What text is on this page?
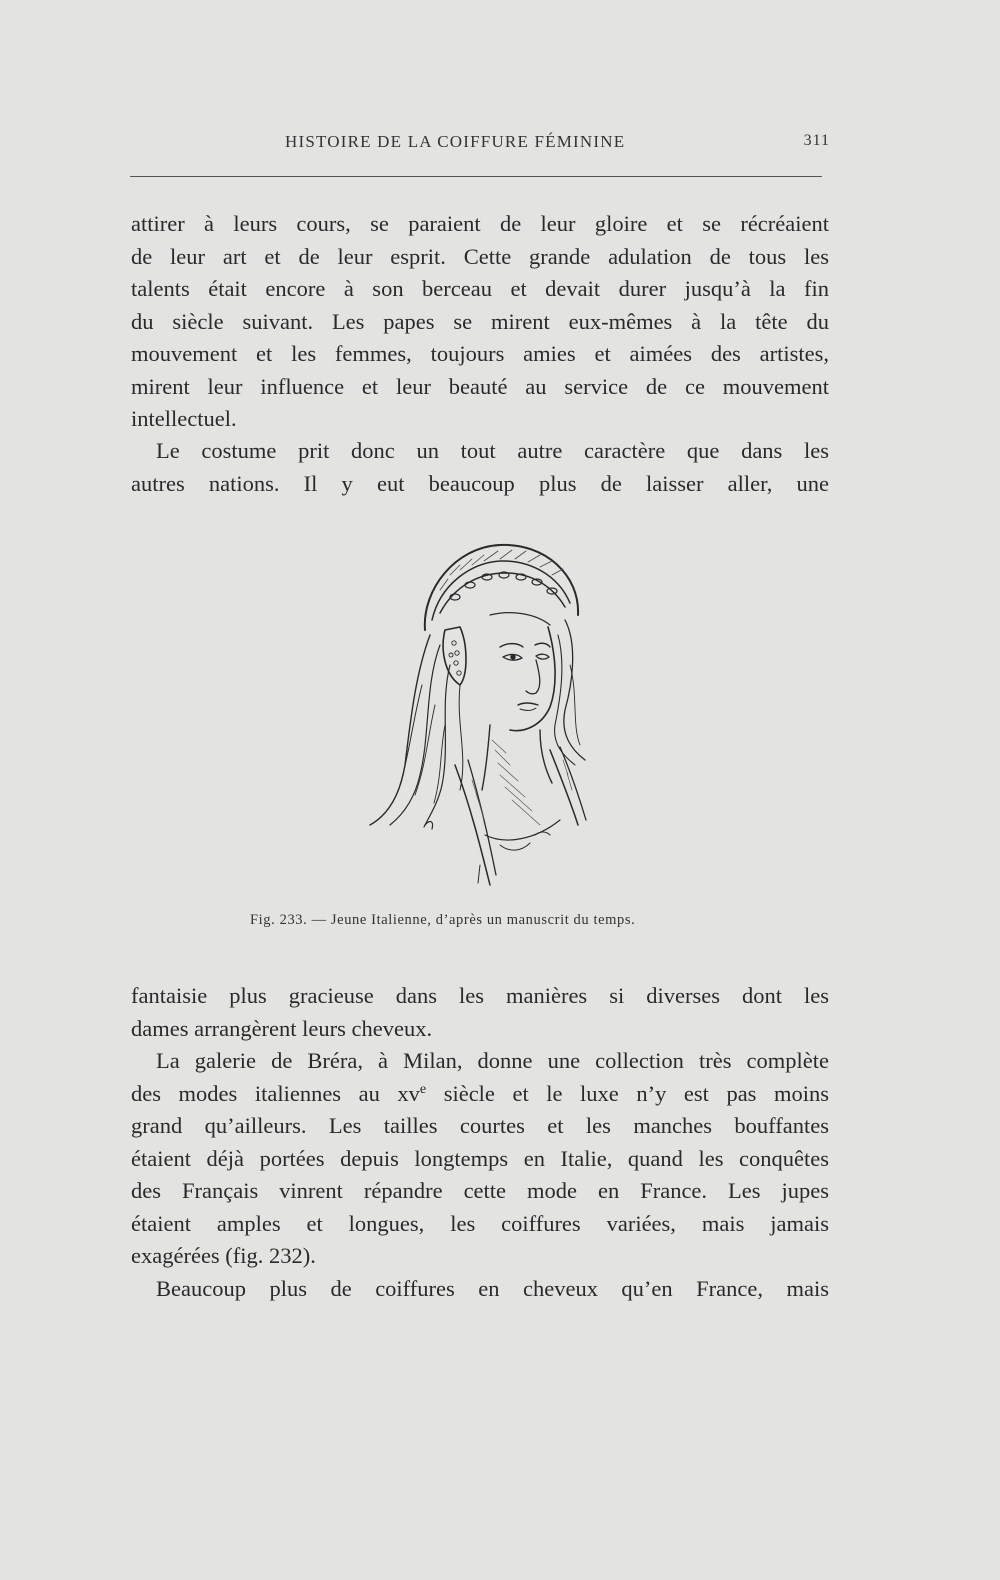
HISTOIRE DE LA COIFFURE FÉMININE	311
attirer à leurs cours, se paraient de leur gloire et se récréaient
de leur art et de leur esprit. Cette grande adulation de tous les
talents était encore à son berceau et devait durer jusqu’à la fin
du siècle suivant. Les papes se mirent eux-mêmes à la tête du
mouvement et les femmes, toujours amies et aimées des artistes,
mirent leur influence et leur beauté au service de ce mouvement
intellectuel.
Le costume prit donc un tout autre caractère que dans les
autres nations. Il y eut beaucoup plus de laisser aller, une
Fig. 233. — Jeune Italienne, d’après un manuscrit du temps.
fantaisie plus gracieuse dans les manières si diverses dont les
dames arrangèrent leurs cheveux.
La galerie de Bréra, à Milan, donne une collection très complète
des modes italiennes au $xv^e$ siècle et le luxe n’y est pas moins
grand qu’ailleurs. Les tailles courtes et les manches bouffantes
étaient déjà portées depuis longtemps en Italie, quand les conquêtes
des Français vinrent répandre cette mode en France. Les jupes
étaient amples et longues, les coiffures variées, mais jamais
exagérées (fig. 232).
Beaucoup plus de coiffures en cheveux qu’en France, mais
